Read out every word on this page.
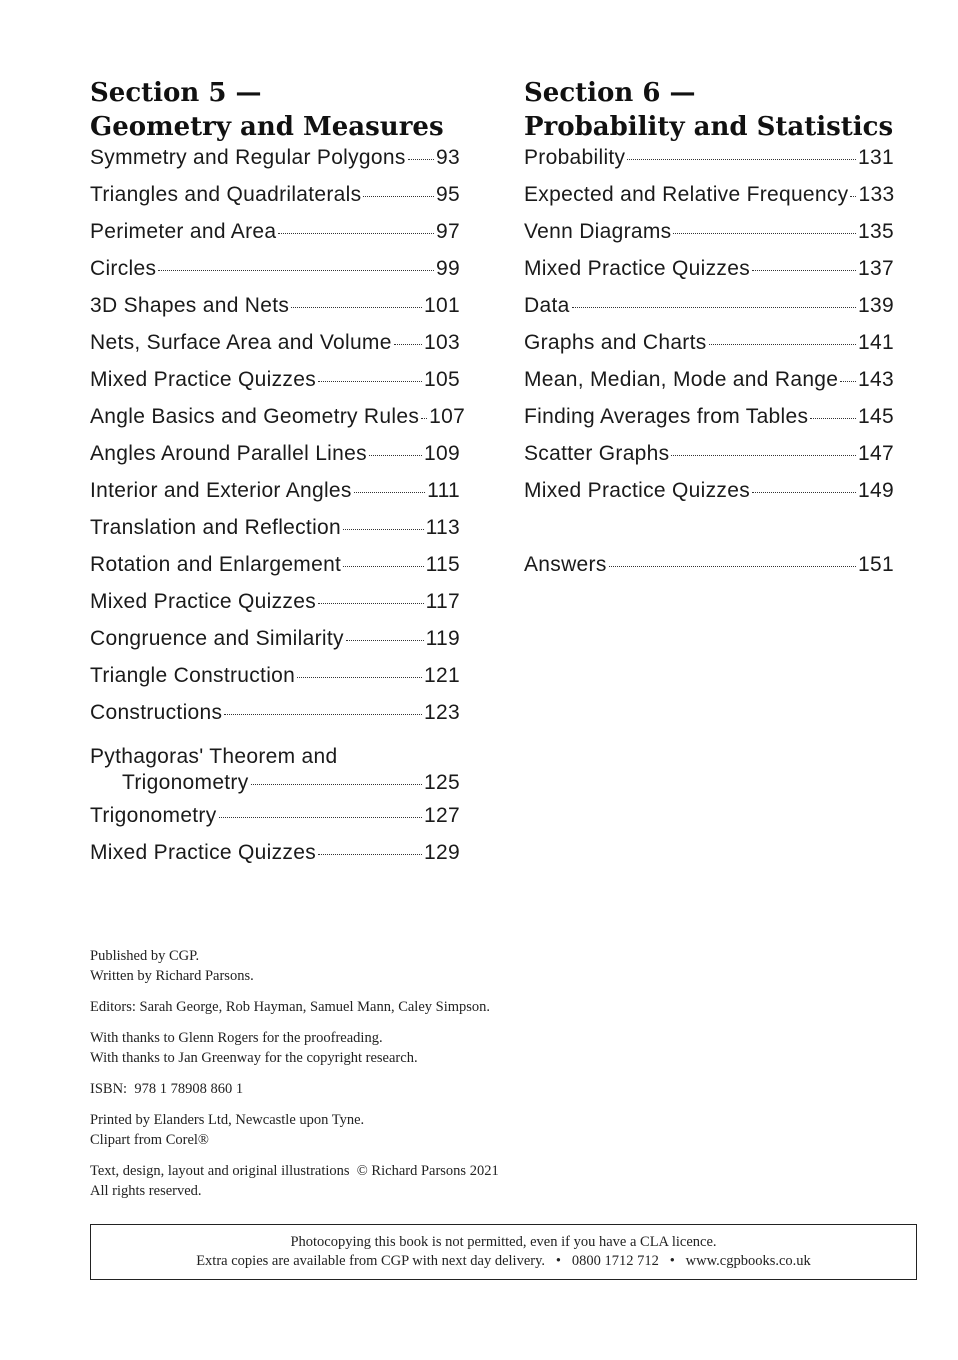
Section 5 —
Geometry and Measures
Symmetry and Regular Polygons 93
Triangles and Quadrilaterals	95
Perimeter and Area	97
Circles	99
3D Shapes and Nets	101
Nets, Surface Area and Volume 103
Mixed Practice Quizzes	105
Angle Basics and Geometry Rules 107
Angles Around Parallel Lines	109
Interior and Exterior Angles	111
Translation and Reflection	113
Rotation and Enlargement	115
Mixed Practice Quizzes	117
Congruence and Similarity	119
Triangle Construction	121
Constructions	123
Pythagoras' Theorem and
Trigonometry	125
Trigonometry	127
Mixed Practice Quizzes	129
Section 6 —
Probability and Statistics
Probability	131
Expected and Relative Frequency 133
Venn Diagrams	135
Mixed Practice Quizzes	137
Data	139
Graphs and Charts	141
Mean, Median, Mode and Range 143
Finding Averages from Tables 145
Scatter Graphs	147
Mixed Practice Quizzes	149
Answers	151

Published by CGP.
Written by Richard Parsons.

Editors: Sarah George, Rob Hayman, Samuel Mann, Caley Simpson.

With thanks to Glenn Rogers for the proofreading.
With thanks to Jan Greenway for the copyright research.

ISBN:  978 1 78908 860 1

Printed by Elanders Ltd, Newcastle upon Tyne.
Clipart from Corel®

Text, design, layout and original illustrations  © Richard Parsons 2021
All rights reserved.

Photocopying this book is not permitted, even if you have a CLA licence.
Extra copies are available from CGP with next day delivery.   •   0800 1712 712   •   www.cgpbooks.co.uk
